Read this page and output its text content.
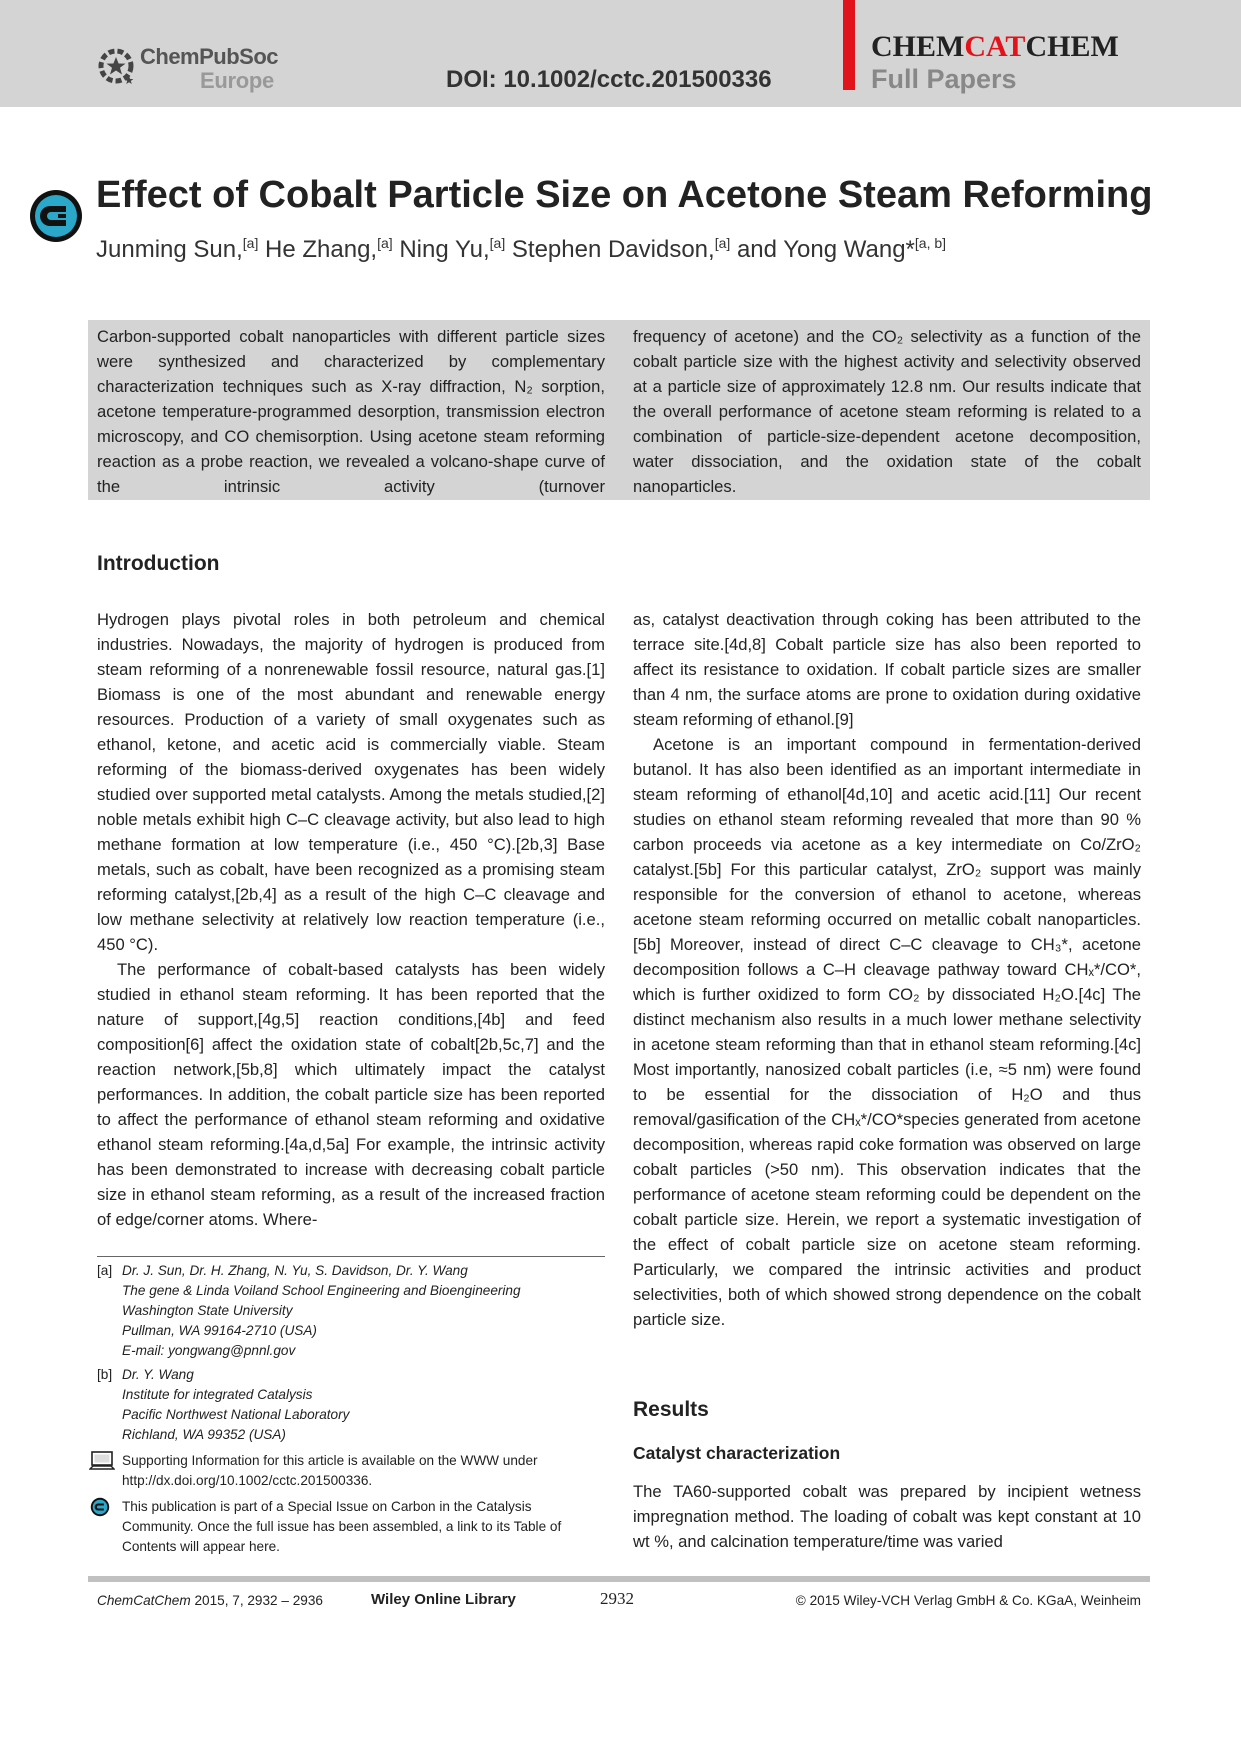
ChemPubSoc
Europe	DOI: 10.1002/cctc.201500336
CHEMCATCHEM
Full Papers
Effect of Cobalt Particle Size on Acetone Steam Reforming
Junming Sun,[a] He Zhang,[a] Ning Yu,[a] Stephen Davidson,[a] and Yong Wang*[a, b]

Carbon-supported cobalt nanoparticles with different particle sizes were synthesized and characterized by complementary characterization techniques such as X-ray diffraction, N₂ sorption, acetone temperature-programmed desorption, transmission electron microscopy, and CO chemisorption. Using acetone steam reforming reaction as a probe reaction, we revealed a volcano-shape curve of the intrinsic activity (turnover

frequency of acetone) and the CO₂ selectivity as a function of the cobalt particle size with the highest activity and selectivity observed at a particle size of approximately 12.8 nm. Our results indicate that the overall performance of acetone steam reforming is related to a combination of particle-size-dependent acetone decomposition, water dissociation, and the oxidation state of the cobalt nanoparticles.

Introduction

Hydrogen plays pivotal roles in both petroleum and chemical industries. Nowadays, the majority of hydrogen is produced from steam reforming of a nonrenewable fossil resource, natural gas.[1] Biomass is one of the most abundant and renewable energy resources. Production of a variety of small oxygenates such as ethanol, ketone, and acetic acid is commercially viable. Steam reforming of the biomass-derived oxygenates has been widely studied over supported metal catalysts. Among the metals studied,[2] noble metals exhibit high C–C cleavage activity, but also lead to high methane formation at low temperature (i.e., 450 °C).[2b,3] Base metals, such as cobalt, have been recognized as a promising steam reforming catalyst,[2b,4] as a result of the high C–C cleavage and low methane selectivity at relatively low reaction temperature (i.e., 450 °C).

The performance of cobalt-based catalysts has been widely studied in ethanol steam reforming. It has been reported that the nature of support,[4g,5] reaction conditions,[4b] and feed composition[6] affect the oxidation state of cobalt[2b,5c,7] and the reaction network,[5b,8] which ultimately impact the catalyst performances. In addition, the cobalt particle size has been reported to affect the performance of ethanol steam reforming and oxidative ethanol steam reforming.[4a,d,5a] For example, the intrinsic activity has been demonstrated to increase with decreasing cobalt particle size in ethanol steam reforming, as a result of the increased fraction of edge/corner atoms. Where-

as, catalyst deactivation through coking has been attributed to the terrace site.[4d,8] Cobalt particle size has also been reported to affect its resistance to oxidation. If cobalt particle sizes are smaller than 4 nm, the surface atoms are prone to oxidation during oxidative steam reforming of ethanol.[9]

Acetone is an important compound in fermentation-derived butanol. It has also been identified as an important intermediate in steam reforming of ethanol[4d,10] and acetic acid.[11] Our recent studies on ethanol steam reforming revealed that more than 90 % carbon proceeds via acetone as a key intermediate on Co/ZrO₂ catalyst.[5b] For this particular catalyst, ZrO₂ support was mainly responsible for the conversion of ethanol to acetone, whereas acetone steam reforming occurred on metallic cobalt nanoparticles.[5b] Moreover, instead of direct C–C cleavage to CH₃*, acetone decomposition follows a C–H cleavage pathway toward CHₓ*/CO*, which is further oxidized to form CO₂ by dissociated H₂O.[4c] The distinct mechanism also results in a much lower methane selectivity in acetone steam reforming than that in ethanol steam reforming.[4c] Most importantly, nanosized cobalt particles (i.e, ≈5 nm) were found to be essential for the dissociation of H₂O and thus removal/gasification of the CHₓ*/CO*species generated from acetone decomposition, whereas rapid coke formation was observed on large cobalt particles (>50 nm). This observation indicates that the performance of acetone steam reforming could be dependent on the cobalt particle size. Herein, we report a systematic investigation of the effect of cobalt particle size on acetone steam reforming. Particularly, we compared the intrinsic activities and product selectivities, both of which showed strong dependence on the cobalt particle size.

Results
Catalyst characterization

The TA60-supported cobalt was prepared by incipient wetness impregnation method. The loading of cobalt was kept constant at 10 wt %, and calcination temperature/time was varied

[a] Dr. J. Sun, Dr. H. Zhang, N. Yu, S. Davidson, Dr. Y. Wang
The gene & Linda Voiland School Engineering and Bioengineering
Washington State University
Pullman, WA 99164-2710 (USA)
E-mail: yongwang@pnnl.gov
[b] Dr. Y. Wang
Institute for integrated Catalysis
Pacific Northwest National Laboratory
Richland, WA 99352 (USA)
Supporting Information for this article is available on the WWW under http://dx.doi.org/10.1002/cctc.201500336.
This publication is part of a Special Issue on Carbon in the Catalysis Community. Once the full issue has been assembled, a link to its Table of Contents will appear here.
ChemCatChem 2015, 7, 2932 – 2936	Wiley Online Library	2932	© 2015 Wiley-VCH Verlag GmbH & Co. KGaA, Weinheim
